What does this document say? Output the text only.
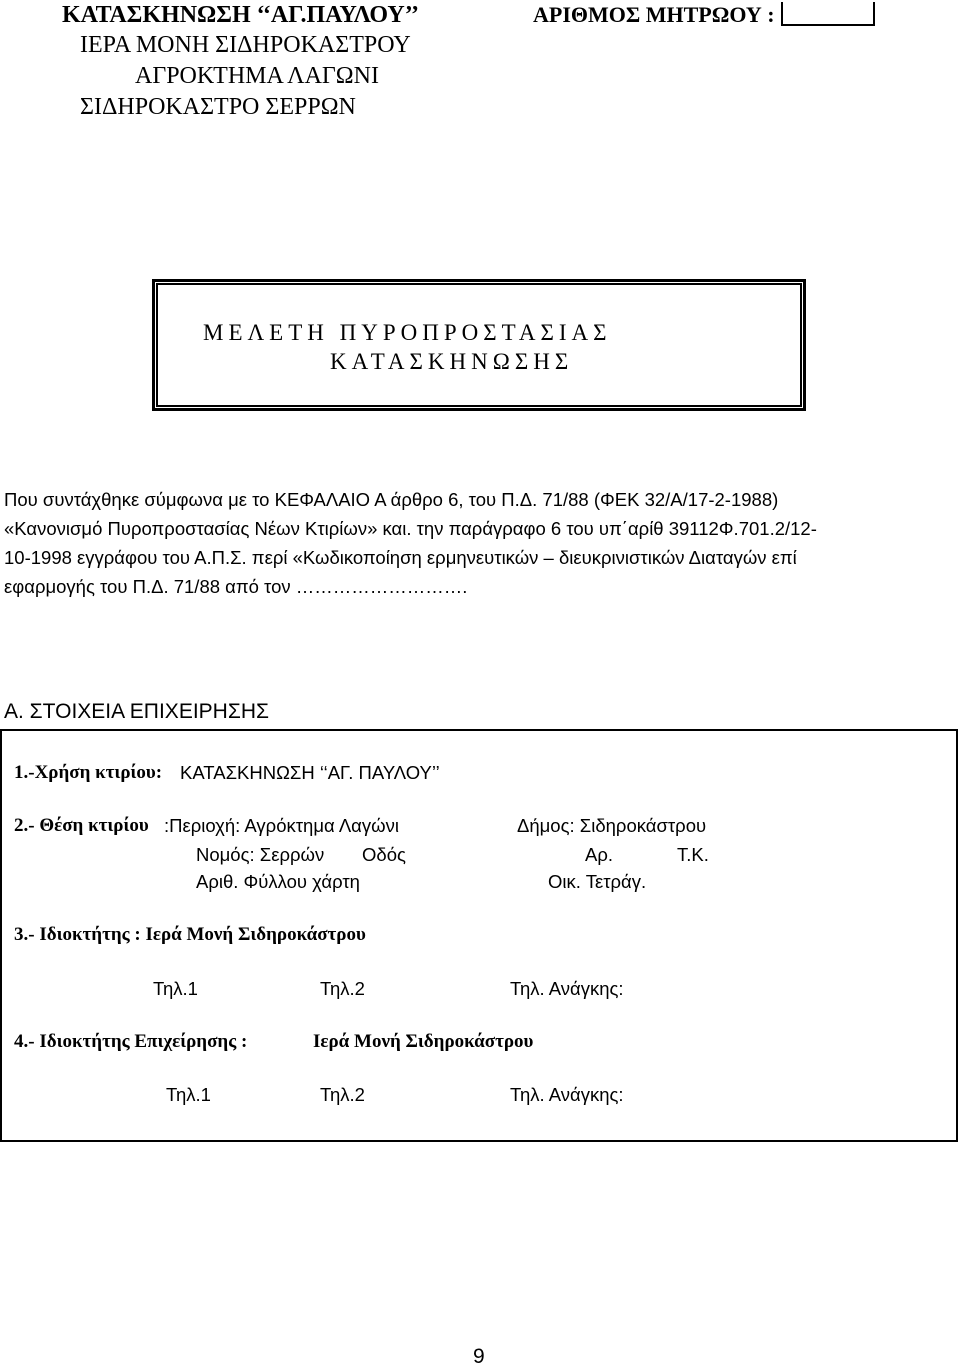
ΚΑΤΑΣΚΗΝΩΣΗ ‘‘ΑΓ.ΠΑΥΛΟΥ’’
ΙΕΡΑ ΜΟΝΗ ΣΙΔΗΡΟΚΑΣΤΡΟΥ
ΑΓΡΟΚΤΗΜΑ ΛΑΓΩΝΙ
ΣΙΔΗΡΟΚΑΣΤΡΟ ΣΕΡΡΩΝ
ΑΡΙΘΜΟΣ ΜΗΤΡΩΟΥ :
ΜΕΛΕΤΗ ΠΥΡΟΠΡΟΣΤΑΣΙΑΣ
ΚΑΤΑΣΚΗΝΩΣΗΣ
Που συντάχθηκε σύμφωνα με το ΚΕΦΑΛΑΙΟ Α άρθρο 6, του Π.Δ. 71/88 (ΦΕΚ 32/Α/17-2-1988)
«Κανονισμό Πυροπροστασίας Νέων Κτιρίων» και. την παράγραφο 6 του υπ΄αρίθ 39112Φ.701.2/12-
10-1998 εγγράφου του Α.Π.Σ. περί «Κωδικοποίηση ερμηνευτικών – διευκρινιστικών Διαταγών επί
εφαρμογής του Π.Δ. 71/88 από τον ……………………….
Α. ΣΤΟΙΧΕΙΑ ΕΠΙΧΕΙΡΗΣΗΣ
1.-Χρήση κτιρίου: ΚΑΤΑΣΚΗΝΩΣΗ ‘‘ΑΓ. ΠΑΥΛΟΥ’’
2.- Θέση κτιρίου :Περιοχή: Αγρόκτημα Λαγώνι	Δήμος: Σιδηροκάστρου
Νομός: Σερρών Οδός	Αρ.	Τ.Κ.
Αριθ. Φύλλου χάρτη	Οικ. Τετράγ.
3.- Ιδιοκτήτης : Ιερά Μονή Σιδηροκάστρου
Τηλ.1	Τηλ.2	Τηλ. Ανάγκης:
4.- Ιδιοκτήτης Επιχείρησης :	Ιερά Μονή Σιδηροκάστρου
Τηλ.1	Τηλ.2	Τηλ. Ανάγκης:
9
